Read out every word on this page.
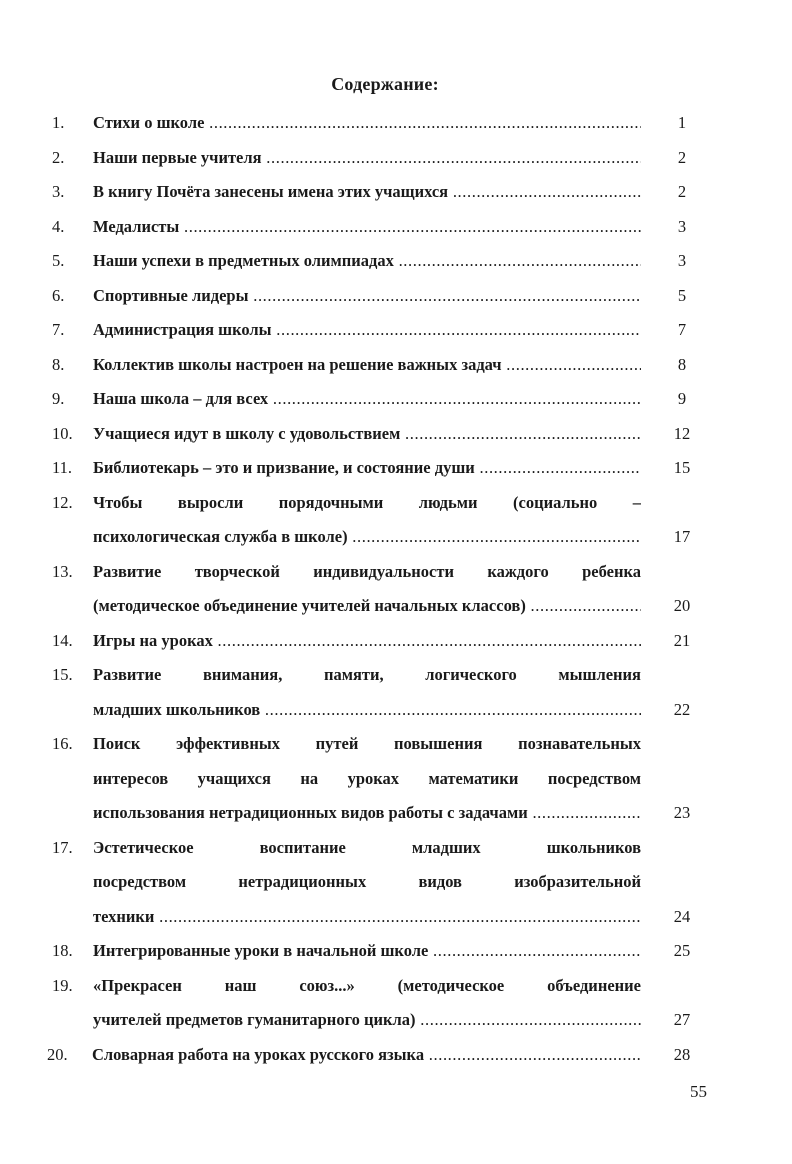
Содержание:
1. Стихи о школе .....	1
2. Наши первые учителя .....	2
3. В книгу Почёта занесены имена этих учащихся .....	2
4. Медалисты .....	3
5. Наши успехи в предметных олимпиадах .....	3
6. Спортивные лидеры .....	5
7. Администрация школы .....	7
8. Коллектив школы настроен на решение важных задач .....	8
9. Наша школа – для всех .....	9
10. Учащиеся идут в школу с удовольствием .....	12
11. Библиотекарь – это и призвание, и состояние души .....	15
12. Чтобы выросли порядочными людьми (социально –
психологическая служба в школе) .....	17
13. Развитие творческой индивидуальности каждого ребенка
(методическое объединение учителей начальных классов) .....	20
14. Игры на уроках .....	21
15. Развитие внимания, памяти, логического мышления
младших школьников .....	22
16. Поиск эффективных путей повышения познавательных
интересов учащихся на уроках математики посредством
использования нетрадиционных видов работы с задачами .....	23
17. Эстетическое воспитание младших школьников
посредством нетрадиционных видов изобразительной
техники .....	24
18. Интегрированные уроки в начальной школе .....	25
19. «Прекрасен наш союз...» (методическое объединение
учителей предметов гуманитарного цикла) .....	27
20. Словарная работа на уроках русского языка .....	28
55
